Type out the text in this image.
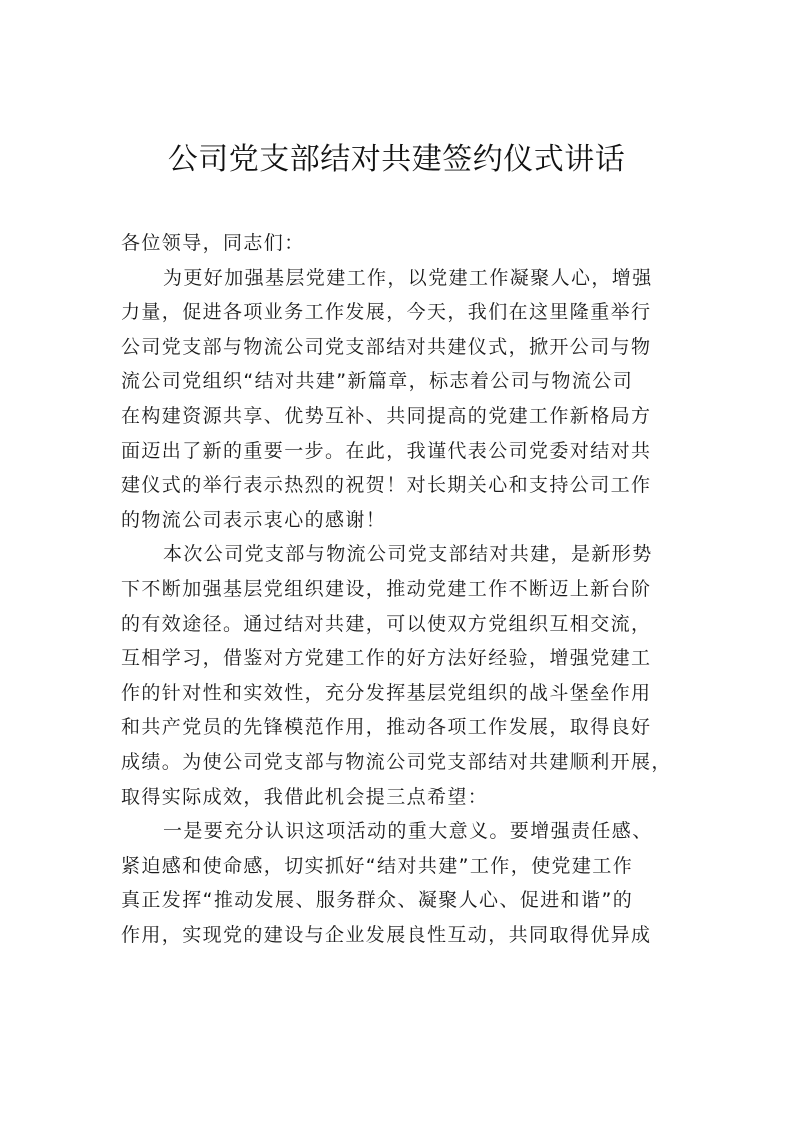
公司党支部结对共建签约仪式讲话
各位领导，同志们：
为更好加强基层党建工作，以党建工作凝聚人心，增强
力量，促进各项业务工作发展，今天，我们在这里隆重举行
公司党支部与物流公司党支部结对共建仪式，掀开公司与物
流公司党组织“结对共建”新篇章，标志着公司与物流公司
在构建资源共享、优势互补、共同提高的党建工作新格局方
面迈出了新的重要一步。在此，我谨代表公司党委对结对共
建仪式的举行表示热烈的祝贺！对长期关心和支持公司工作
的物流公司表示衷心的感谢！
本次公司党支部与物流公司党支部结对共建，是新形势
下不断加强基层党组织建设，推动党建工作不断迈上新台阶
的有效途径。通过结对共建，可以使双方党组织互相交流，
互相学习，借鉴对方党建工作的好方法好经验，增强党建工
作的针对性和实效性，充分发挥基层党组织的战斗堡垒作用
和共产党员的先锋模范作用，推动各项工作发展，取得良好
成绩。为使公司党支部与物流公司党支部结对共建顺利开展，
取得实际成效，我借此机会提三点希望：
一是要充分认识这项活动的重大意义。要增强责任感、
紧迫感和使命感，切实抓好“结对共建”工作，使党建工作
真正发挥“推动发展、服务群众、凝聚人心、促进和谐”的
作用，实现党的建设与企业发展良性互动，共同取得优异成
